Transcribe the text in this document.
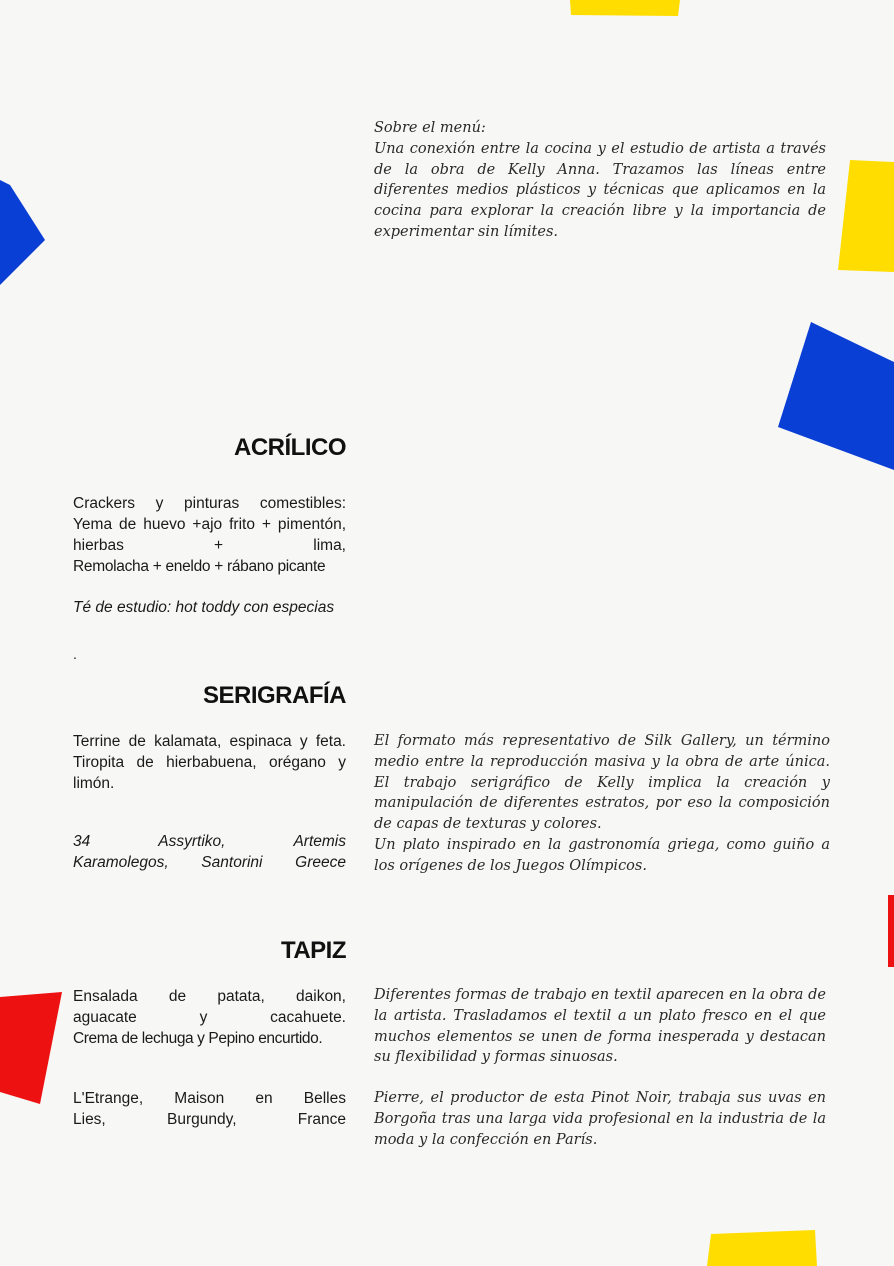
Sobre el menú:
Una conexión entre la cocina y el estudio de artista a través de la obra de Kelly Anna. Trazamos las líneas entre diferentes medios plásticos y técnicas que aplicamos en la cocina para explorar la creación libre y la importancia de experimentar sin límites.
ACRÍLICO
Crackers y pinturas comestibles:
Yema de huevo +ajo frito + pimentón,
hierbas + lima,
Remolacha + eneldo + rábano picante
Té de estudio: hot toddy con especias
.
SERIGRAFÍA
Terrine de kalamata, espinaca y feta.
Tiropita de hierbabuena, orégano y
limón.
34 Assyrtiko, Artemis
Karamolegos, Santorini Greece
El formato más representativo de Silk Gallery, un término medio entre la reproducción masiva y la obra de arte única. El trabajo serigráfico de Kelly implica la creación y manipulación de diferentes estratos, por eso la composición de capas de texturas y colores.
Un plato inspirado en la gastronomía griega, como guiño a los orígenes de los Juegos Olímpicos.
TAPIZ
Ensalada de patata, daikon,
aguacate y cacahuete.
Crema de lechuga y Pepino encurtido.
L'Etrange, Maison en Belles
Lies, Burgundy, France
Diferentes formas de trabajo en textil aparecen en la obra de la artista. Trasladamos el textil a un plato fresco en el que muchos elementos se unen de forma inesperada y destacan su flexibilidad y formas sinuosas.
Pierre, el productor de esta Pinot Noir, trabaja sus uvas en Borgoña tras una larga vida profesional en la industria de la moda y la confección en París.
